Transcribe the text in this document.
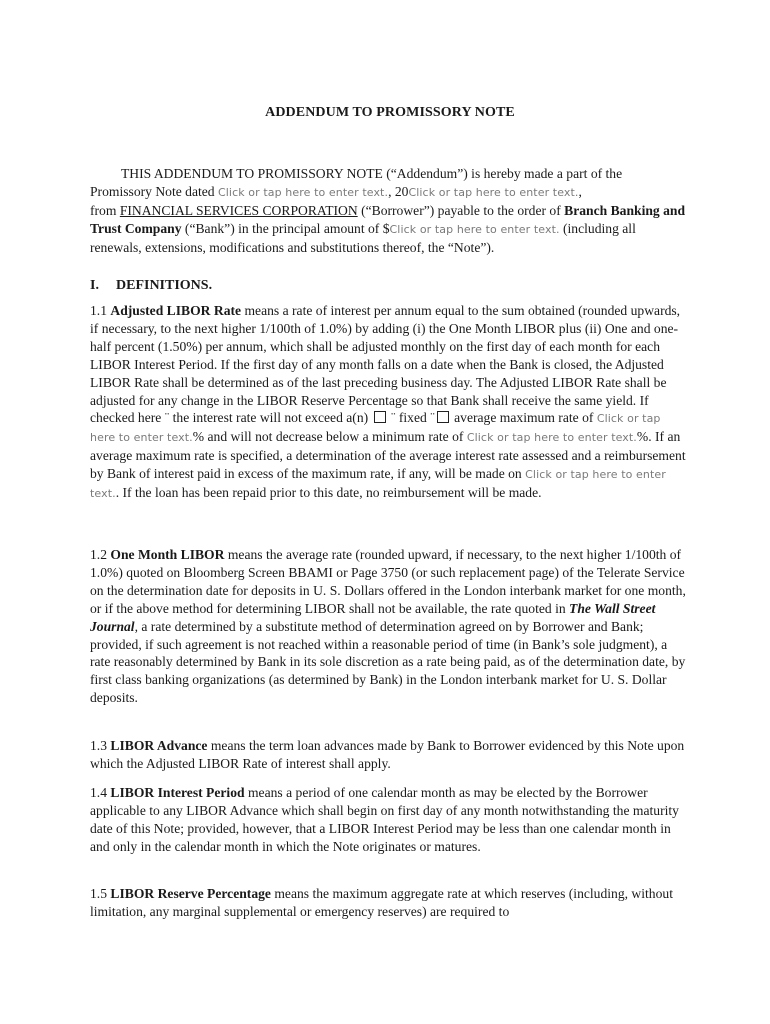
ADDENDUM TO PROMISSORY NOTE
THIS ADDENDUM TO PROMISSORY NOTE (“Addendum”) is hereby made a part of the Promissory Note dated Click or tap here to enter text., 20Click or tap here to enter text.,
from FINANCIAL SERVICES CORPORATION (“Borrower”) payable to the order of Branch Banking and Trust Company (“Bank”) in the principal amount of $Click or tap here to enter text. (including all renewals, extensions, modifications and substitutions thereof, the “Note”).
I. DEFINITIONS.
1.1 Adjusted LIBOR Rate means a rate of interest per annum equal to the sum obtained (rounded upwards, if necessary, to the next higher 1/100th of 1.0%) by adding (i) the One Month LIBOR plus (ii) One and one-half percent (1.50%) per annum, which shall be adjusted monthly on the first day of each month for each LIBOR Interest Period. If the first day of any month falls on a date when the Bank is closed, the Adjusted LIBOR Rate shall be determined as of the last preceding business day. The Adjusted LIBOR Rate shall be adjusted for any change in the LIBOR Reserve Percentage so that Bank shall receive the same yield. If checked here ¨ the interest rate will not exceed a(n)  ¨ fixed ¨ average maximum rate of Click or tap here to enter text.% and will not decrease below a minimum rate of Click or tap here to enter text.%. If an average maximum rate is specified, a determination of the average interest rate assessed and a reimbursement by Bank of interest paid in excess of the maximum rate, if any, will be made on Click or tap here to enter text.. If the loan has been repaid prior to this date, no reimbursement will be made.
1.2 One Month LIBOR means the average rate (rounded upward, if necessary, to the next higher 1/100th of 1.0%) quoted on Bloomberg Screen BBAMI or Page 3750 (or such replacement page) of the Telerate Service on the determination date for deposits in U. S. Dollars offered in the London interbank market for one month, or if the above method for determining LIBOR shall not be available, the rate quoted in The Wall Street Journal, a rate determined by a substitute method of determination agreed on by Borrower and Bank; provided, if such agreement is not reached within a reasonable period of time (in Bank’s sole judgment), a rate reasonably determined by Bank in its sole discretion as a rate being paid, as of the determination date, by first class banking organizations (as determined by Bank) in the London interbank market for U. S. Dollar deposits.
1.3 LIBOR Advance means the term loan advances made by Bank to Borrower evidenced by this Note upon which the Adjusted LIBOR Rate of interest shall apply.
1.4 LIBOR Interest Period means a period of one calendar month as may be elected by the Borrower applicable to any LIBOR Advance which shall begin on first day of any month notwithstanding the maturity date of this Note; provided, however, that a LIBOR Interest Period may be less than one calendar month in and only in the calendar month in which the Note originates or matures.
1.5 LIBOR Reserve Percentage means the maximum aggregate rate at which reserves (including, without limitation, any marginal supplemental or emergency reserves) are required to
